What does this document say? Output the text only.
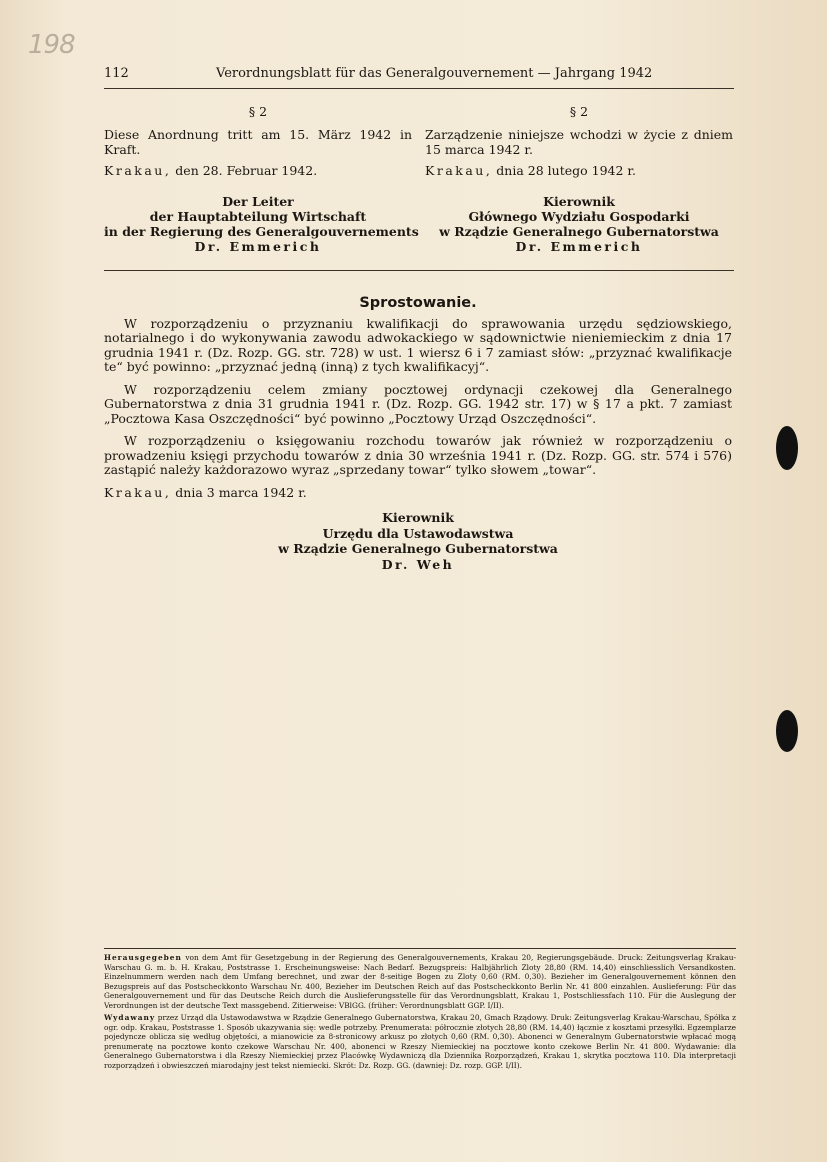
198
112	Verordnungsblatt für das Generalgouvernement — Jahrgang 1942
§ 2

Diese Anordnung tritt am 15. März 1942 in Kraft.

Krakau, den 28. Februar 1942.
Der Leiter
der Hauptabteilung Wirtschaft
in der Regierung des Generalgouvernements
Dr. Emmerich
§ 2

Zarządzenie niniejsze wchodzi w życie z dniem 15 marca 1942 r.

Krakau, dnia 28 lutego 1942 r.
Kierownik
Głównego Wydziału Gospodarki
w Rządzie Generalnego Gubernatorstwa
Dr. Emmerich
Sprostowanie.

W rozporządzeniu o przyznaniu kwalifikacji do sprawowania urzędu sędziowskiego, notarialnego i do wykonywania zawodu adwokackiego w sądownictwie nieniemieckim z dnia 17 grudnia 1941 r. (Dz. Rozp. GG. str. 728) w ust. 1 wiersz 6 i 7 zamiast słów: „przyznać kwalifikacje te“ być powinno: „przyznać jedną (inną) z tych kwalifikacyj“.

W rozporządzeniu celem zmiany pocztowej ordynacji czekowej dla Generalnego Gubernatorstwa z dnia 31 grudnia 1941 r. (Dz. Rozp. GG. 1942 str. 17) w § 17 a pkt. 7 zamiast „Pocztowa Kasa Oszczędności“ być powinno „Pocztowy Urząd Oszczędności“.

W rozporządzeniu o księgowaniu rozchodu towarów jak również w rozporządzeniu o prowadzeniu księgi przychodu towarów z dnia 30 września 1941 r. (Dz. Rozp. GG. str. 574 i 576) zastąpić należy każdorazowo wyraz „sprzedany towar“ tylko słowem „towar“.

Krakau, dnia 3 marca 1942 r.
Kierownik
Urzędu dla Ustawodawstwa
w Rządzie Generalnego Gubernatorstwa
Dr. Weh

Herausgegeben von dem Amt für Gesetzgebung in der Regierung des Generalgouvernements, Krakau 20, Regierungsgebäude. Druck: Zeitungsverlag Krakau-Warschau G. m. b. H. Krakau, Poststrasse 1. Erscheinungsweise: Nach Bedarf. Bezugspreis: Halbjährlich Zloty 28,80 (RM. 14,40) einschliesslich Versandkosten. Einzelnummern werden nach dem Umfang berechnet, und zwar der 8-seitige Bogen zu Zloty 0,60 (RM. 0,30). Bezieher im Generalgouvernement können den Bezugspreis auf das Postscheckkonto Warschau Nr. 400, Bezieher im Deutschen Reich auf das Postscheckkonto Berlin Nr. 41 800 einzahlen. Auslieferung: Für das Generalgouvernement und für das Deutsche Reich durch die Auslieferungsstelle für das Verordnungsblatt, Krakau 1, Postschliessfach 110. Für die Auslegung der Verordnungen ist der deutsche Text massgebend. Zitierweise: VBlGG. (früher: Verordnungsblatt GGP. I/II).

Wydawany przez Urząd dla Ustawodawstwa w Rządzie Generalnego Gubernatorstwa, Krakau 20, Gmach Rządowy. Druk: Zeitungsverlag Krakau-Warschau, Spółka z ogr. odp. Krakau, Poststrasse 1. Sposób ukazywania się: wedle potrzeby. Prenumerata: półrocznie złotych 28,80 (RM. 14,40) łącznie z kosztami przesyłki. Egzemplarze pojedyncze oblicza się według objętości, a mianowicie za 8-stronicowy arkusz po złotych 0,60 (RM. 0,30). Abonenci w Generalnym Gubernatorstwie wpłacać mogą prenumeratę na pocztowe konto czekowe Warschau Nr. 400, abonenci w Rzeszy Niemieckiej na pocztowe konto czekowe Berlin Nr. 41 800. Wydawanie: dla Generalnego Gubernatorstwa i dla Rzeszy Niemieckiej przez Placówkę Wydawniczą dla Dziennika Rozporządzeń, Krakau 1, skrytka pocztowa 110. Dla interpretacji rozporządzeń i obwieszczeń miarodajny jest tekst niemiecki. Skrót: Dz. Rozp. GG. (dawniej: Dz. rozp. GGP. I/II).
